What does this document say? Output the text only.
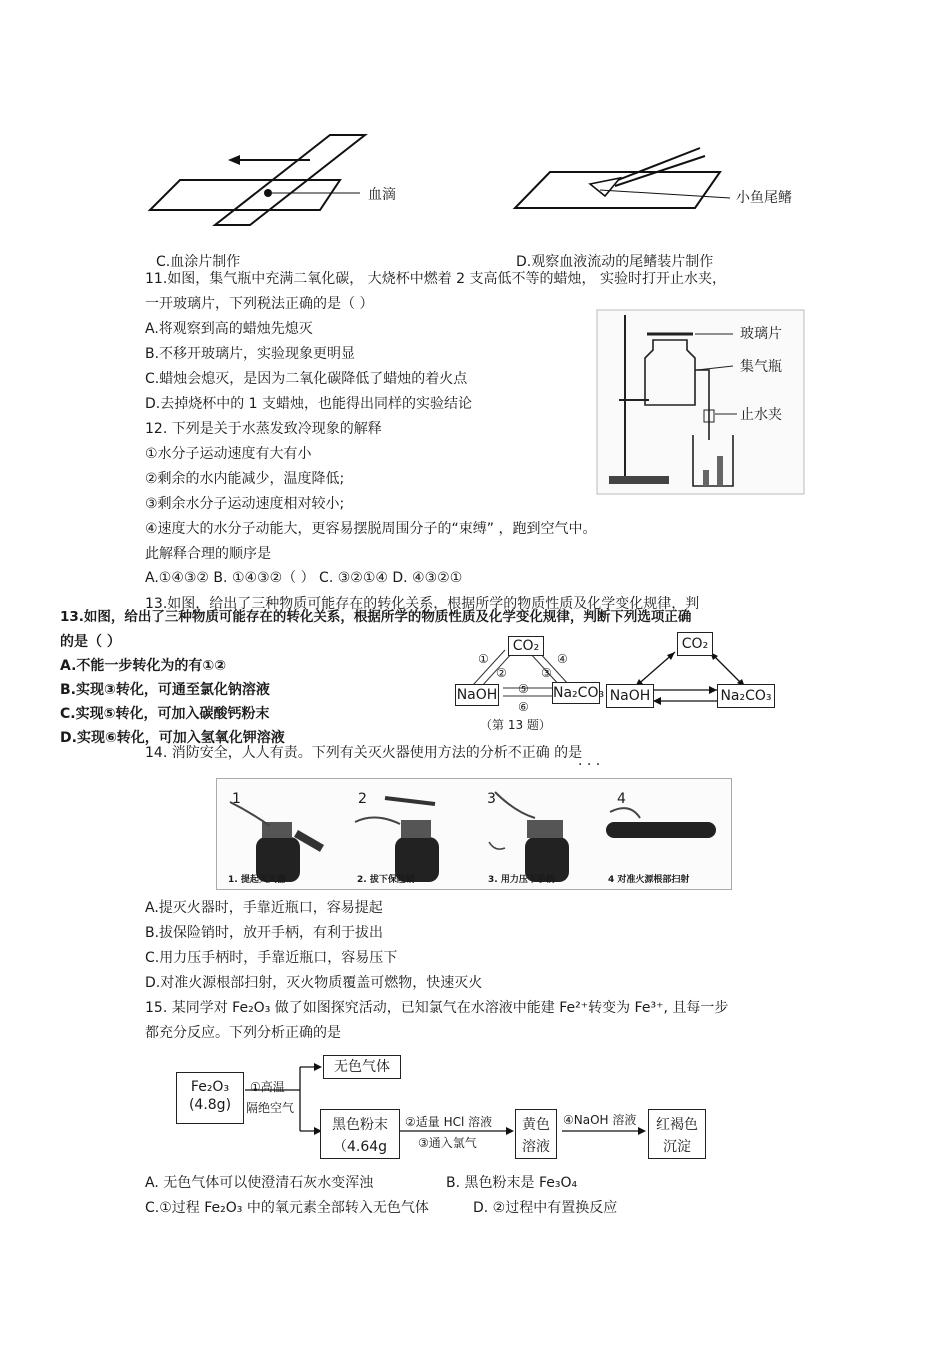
血滴	小鱼尾鳍
C.血涂片制作	D.观察血液流动的尾鳍装片制作
11.如图，集气瓶中充满二氧化碳， 大烧杯中燃着 2 支高低不等的蜡烛， 实验时打开止水夹，
一开玻璃片，下列税法正确的是（ ）
A.将观察到高的蜡烛先熄灭
B.不移开玻璃片，实验现象更明显
C.蜡烛会熄灭，是因为二氧化碳降低了蜡烛的着火点
D.去掉烧杯中的 1 支蜡烛，也能得出同样的实验结论
玻璃片
集气瓶
止水夹
12. 下列是关于水蒸发致冷现象的解释
①水分子运动速度有大有小
②剩余的水内能减少，温度降低;
③剩余水分子运动速度相对较小;
④速度大的水分子动能大，更容易摆脱周围分子的“束缚” ，跑到空气中。
此解释合理的顺序是
A.①④③② B. ①④③②（ ） C. ③②①④ D. ④③②①
13.如图，给出了三种物质可能存在的转化关系，根据所学的物质性质及化学变化规律，判
13.如图，给出了三种物质可能存在的转化关系，根据所学的物质性质及化学变化规律，判断下列选项正确
的是（ ）
A.不能一步转化为的有①②
B.实现③转化，可通至氯化钠溶液
C.实现⑤转化，可加入碳酸钙粉末
D.实现⑥转化，可加入氢氧化钾溶液
CO₂
NaOH	Na₂CO₃
①
②	③
④
⑤
⑥
（第 13 题）
CO₂
NaOH	Na₂CO₃
14. 消防安全，人人有责。下列有关灭火器使用方法的分析不正确 的是
. . .
1	2	3	4
1. 提起灭火器	2. 拔下保险销	3. 用力压下手柄	4 对准火源根部扫射
A.提灭火器时，手靠近瓶口，容易提起
B.拔保险销时，放开手柄，有利于拔出
C.用力压手柄时，手靠近瓶口，容易压下
D.对准火源根部扫射，灭火物质覆盖可燃物，快速灭火
15. 某同学对 Fe₂O₃ 做了如图探究活动，已知氯气在水溶液中能建 Fe²⁺转变为 Fe³⁺, 且每一步
都充分反应。下列分析正确的是
Fe₂O₃
(4.8g)
①高温
隔绝空气
无色气体
黑色粉末
（4.64g
②适量 HCl 溶液
③通入氯气
黄色
溶液
④NaOH 溶液	红褐色
沉淀
A. 无色气体可以使澄清石灰水变浑浊	B. 黑色粉末是 Fe₃O₄
C.①过程 Fe₂O₃ 中的氧元素全部转入无色气体	D. ②过程中有置换反应
